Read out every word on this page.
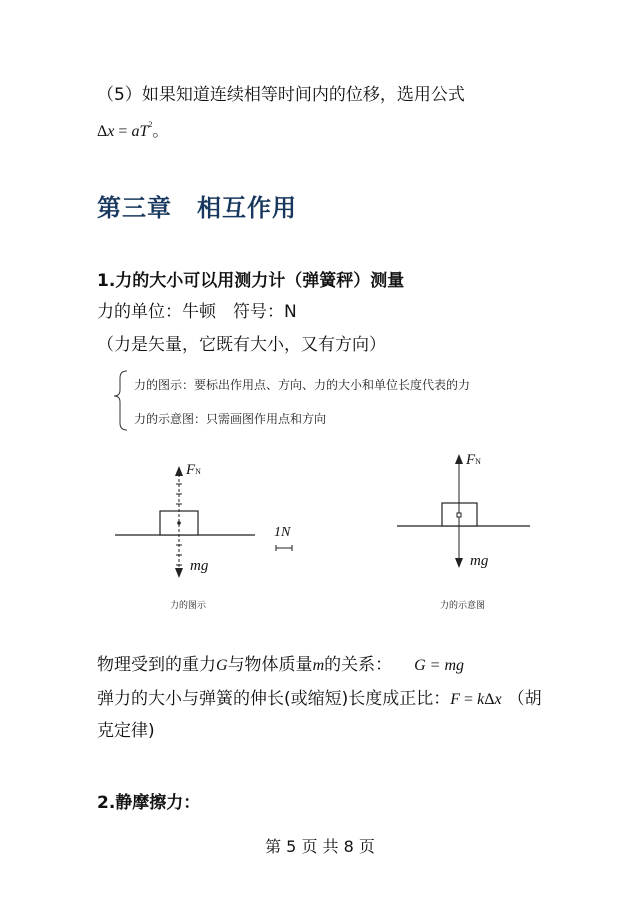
（5）如果知道连续相等时间内的位移，选用公式
$\Delta x = aT^2$。
第三章　相互作用
1.力的大小可以用测力计（弹簧秤）测量
力的单位：牛顿　符号：N
（力是矢量，它既有大小，又有方向）
力的图示：要标出作用点、方向、力的大小和单位长度代表的力
力的示意图：只需画图作用点和方向
FN
mg
1N
力的图示
FN
mg
力的示意图
物理受到的重力G与物体质量m的关系： G = mg
弹力的大小与弹簧的伸长(或缩短)长度成正比：F = kΔx （胡
克定律)
2.静摩擦力：
第 5 页 共 8 页
